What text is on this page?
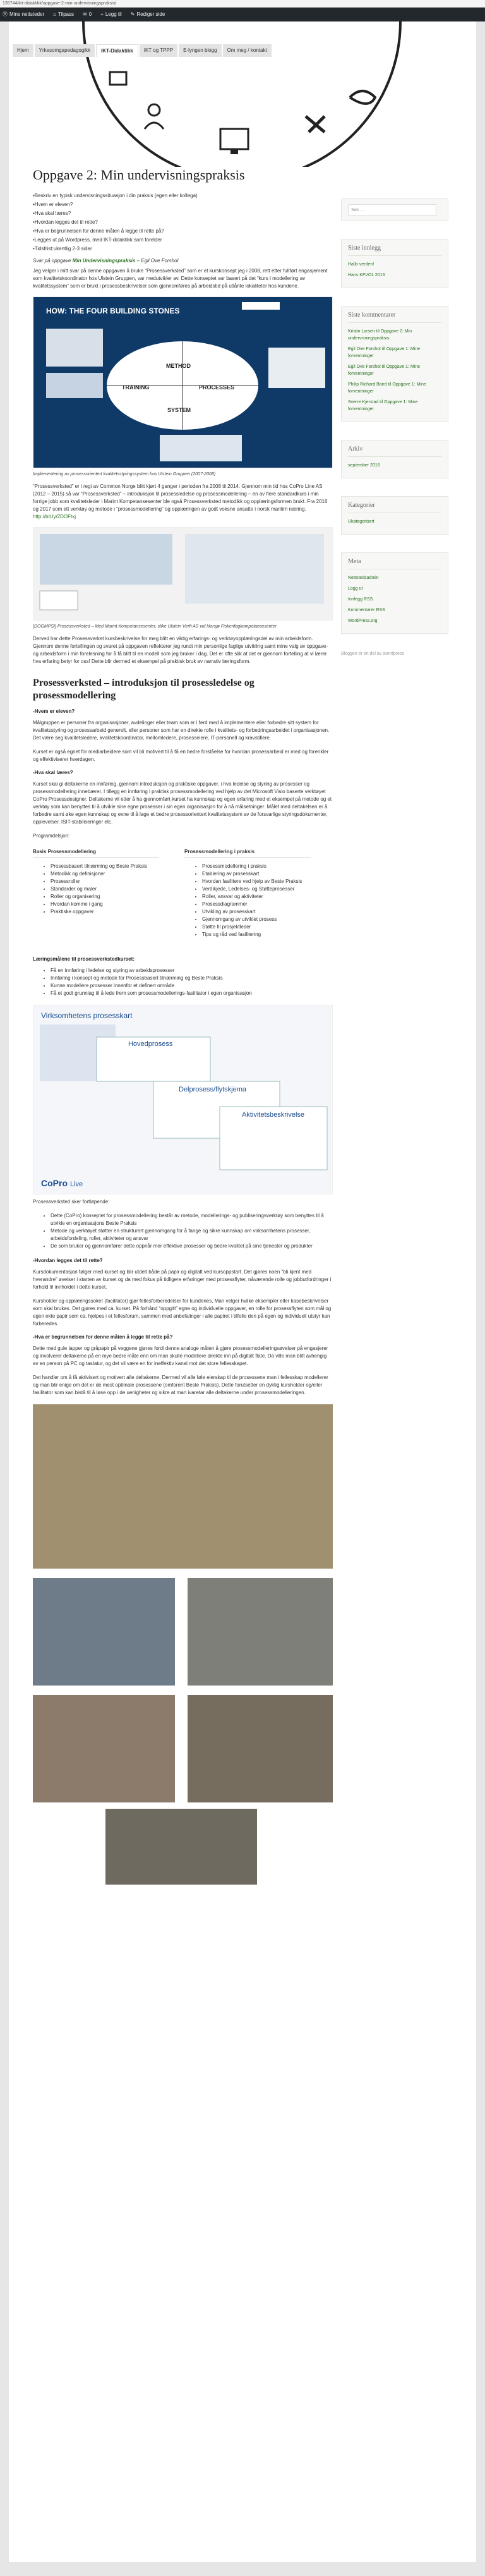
135744/ikt-didaktikk/oppgave-2-min-undervisningspraksis/
Ⓦ Mine nettsteder ⌂ Tilpass ✉ 0 + Legg til ✎ Rediger side
Hjem	Yrkesomgapedagogikk	IKT-Didaktikk	IKT og TPPP	E-lyngen blogg	Om meg / kontakt
Oppgave 2: Min undervisningspraksis
•Beskriv en typisk undervisningssituasjon i din praksis (egen eller kollega)
•Hvem er eleven?
•Hva skal læres?
•Hvordan legges det til rette?
•Hva er begrunnelsen for denne måten å legge til rette på?
•Legges ut på Wordpress, med IKT-didaktikk som forelder
•Tidsfrist:ukentlig 2-3 sider
Svar på oppgave Min Undervisningspraksis – Egil Ove Forshol
Jeg velger i mitt svar på denne oppgaven å bruke “Prosessverksted” som er et kurskonsept jeg i 2008, rett etter fullført engasjement som kvalitetskoordinator hos Ulstein Gruppen, var medutvikler av. Dette konseptet var basert på det “kurs i modellering av kvalitetssystem” som er brukt i prosessbeskrivelser som gjennomføres på arbeidstid på utlånte lokaliteter hos kundene.
HOW: THE FOUR BUILDING STONES
METHOD
TRAINING	PROCESSES
SYSTEM
Implementering av prosessorientert kvalitetsstyringssystem hos Ulstein Gruppen (2007-2008)
“Prosessverksted” er i regi av Common Norge blitt kjørt 4 ganger i perioden fra 2008 til 2014. Gjennom min tid hos CoPro Line AS (2012 – 2015) så var “Prosessverksted” – introduksjon til prosessledelse og prosessmodellering – en av flere standardkurs i min forrige jobb som kvalitetsleder i Marint Kompetansesenter ble også Prosessverksted metodikk og opplæringsformen brukt. Fra 2016 og 2017 som ett verktøy og metode i “prosessmodellering” og opplæringen av godt voksne ansatte i norsk maritim næring. http://bit.ly/2DOFtxj
[DOGMPSI] Prosessverksted – Med Marint Kompetansesenter, slike Ulstein Verft AS vid Norsjø Fiskerifagkompetansesenter
Derved har dette Prosessverket kursbeskrivelse for meg blitt en viktig erfarings- og verktøyopplæringsdel av min arbeidsform. Gjennom denne fortellingen og svaret på oppgaven reflekterer jeg rundt min personlige faglige utvikling samt mine valg av oppgave- og arbeidsform i min forelesning for å få blitt til en modell som jeg bruker i dag. Det er ofte slik at det er gjennom fortelling at vi lærer hva erfaring betyr for oss! Dette blir dermed et eksempel på praktisk bruk av narrativ læringsform.
Prosessverksted – introduksjon til prosessledelse og prosessmodellering
-Hvem er eleven?
Målgruppen er personer fra organisasjoner, avdelinger eller team som er i ferd med å implementere eller forbedre sitt system for kvalitetsstyring og prosessarbeid generelt, eller personer som har en direkte rolle i kvalitets- og forbedringsarbeidet i organisasjonen. Det være seg kvalitetsledere, kvalitetskoordinator, mellomledere, prosesseiere, IT-personell og kravstillere.
Kurset er også egnet for mediarbeidere som vil bli motivert til å få en bedre forståelse for hvordan prosessarbeid er med og forenkler og effektiviserer hverdagen.
-Hva skal læres?
Kurset skal gi deltakerne en innføring, gjennom introduksjon og praktiske oppgaver, i hva ledelse og styring av prosesser og prosessmodellering innebærer. I tillegg en innføring i praktisk prosessmodellering ved hjelp av det Microsoft Visio baserte verktøyet CoPro Prosessdesigner. Deltakerne vil etter å ha gjennomført kurset ha kunnskap og egen erfaring med et eksempel på metode og et verktøy som kan benyttes til å utvikle sine egne prosesser i sin egen organisasjon for å nå målsetninger. Målet med deltakelsen er å forbedre samt øke egen kunnskap og evne til å lage et bedre prosessorientert kvalitetssystem av de forsvarlige styringsdokumenter, opplevelser, ISIT-stabiliseringer etc.
Programdelsjon:
Basis Prosessmodellering
• Prosessbasert tilnærming og Beste Praksis
• Metodikk og definisjoner
• Prosessroller
• Standarder og maler
• Roller og organisering
• Hvordan komme i gang
• Praktiske oppgaver
Prosessmodellering i praksis
• Prosessmodellering i praksis
• Etablering av prosesskart
• Hvordan fasilitere ved hjelp av Beste Praksis
• Verdikjede, Ledelses- og Støtteprosesser
• Roller, ansvar og aktiviteter
• Prosessdiagrammer
• Utvikling av prosesskart
• Gjennomgang av utviklet prosess
• Støtte til prosjektleder
• Tips og råd ved fasilitering
Læringsmålene til prosessverkstedkurset:
• Få en innføring i ledelse og styring av arbeidsprosesser
• Innføring i konsept og metode for Prosessbasert tilnærming og Beste Praksis
• Kunne modellere prosesser innenfor et definert område
• Få et godt grunnlag til å lede frem som prosessmodellerings-fasilitator i egen organisasjon
Virksomhetens prosesskart
Hovedprosess
Delprosess/flytskjema
Aktivitetsbeskrivelse
CoPro Live
Prosessverksted sker fortløpende:
• Dette (CoPro) konseptet for prosessmodellering består av metode, modellerings- og publiseringsverktøy som benyttes til å utvikle en organisasjons Beste Praksis
• Metode og verktøyet støtter en strukturert gjennomgang for å fange og sikre kunnskap om virksomhetens prosesser, arbeidsfordeling, roller, aktiviteter og ansvar
• De som bruker og gjennomfører dette oppnår mer effektive prosesser og bedre kvalitet på sine tjenester og produkter
-Hvordan legges det til rette?
Kursdokumentasjon følger med kurset og blir utdelt både på papir og digitalt ved kursoppstart. Det gjøres noen “bli kjent med hverandre” øvelser i starten av kurset og da med fokus på tidligere erfaringer med prosessflyter, nåværende rolle og jobbutfordringer i forhold til innholdet i dette kurset.
Kursholder og opplæringssoker (facilitator) gjør fellesforberedelser for kundenes, Man velger hvilke eksempler eller kasebeskrivelser som skal brukes. Det gjøres med ca. kurset. På forhånd “oppgitt” egne og individuelle oppgaver, en rolle for prosessflyten som mål og egen ekte papir som ca. hjelpes i et fellesforum, sammen med anbefalinger i alle papiret i tilfelle den på egen og individuell utstyr kan forberedes.
-Hva er begrunnelsen for denne måten å legge til rette på?
Dette med gule lapper og gråpapir på veggene gjøres fordi denne analoge måten å gjøre prosessmodelleringsøvelser på engasjerer og involverer deltakerne på en mye bedre måte enn om man skulle modellere direkte inn på digitalt flate. Da ville man blitt avhengig av en person på PC og tastatur, og det vil være en for ineffektiv kanal mot det store fellesskapet.
Det handler om å få aktivisert og motivert alle deltakerne. Dermed vil alle føle eierskap til de prosessene man i fellesskap modellerer og man blir enige om det er de mest optimale prosessene (omforent Beste Praksis). Dette forutsetter en dyktig kursholder og/eller fasilitator som kan bistå til å løse opp i de uenigheter og sikre at man ivaretar alle deltakerne under prosessmodelleringen.
Søk ...
Siste innlegg
Hallo verden!
Hans KFVOL 2016
Siste kommentarer
Kristin Larsen til Oppgave 2: Min undervisningspraksis
Egil Ove Forshol til Oppgave 1: Mine forventninger
Egil Ove Forshol til Oppgave 1: Mine forventninger
Philip Richard Baird til Oppgave 1: Mine forventninger
Sverre Kjerstad til Oppgave 1: Mine forventninger
Arkiv
september 2016
Kategorier
Ukategorisert
Meta
Nettstedsadmin
Logg ut
Innlegg RSS
Kommentarer RSS
WordPress.org
Bloggen er en del av Wordpress
